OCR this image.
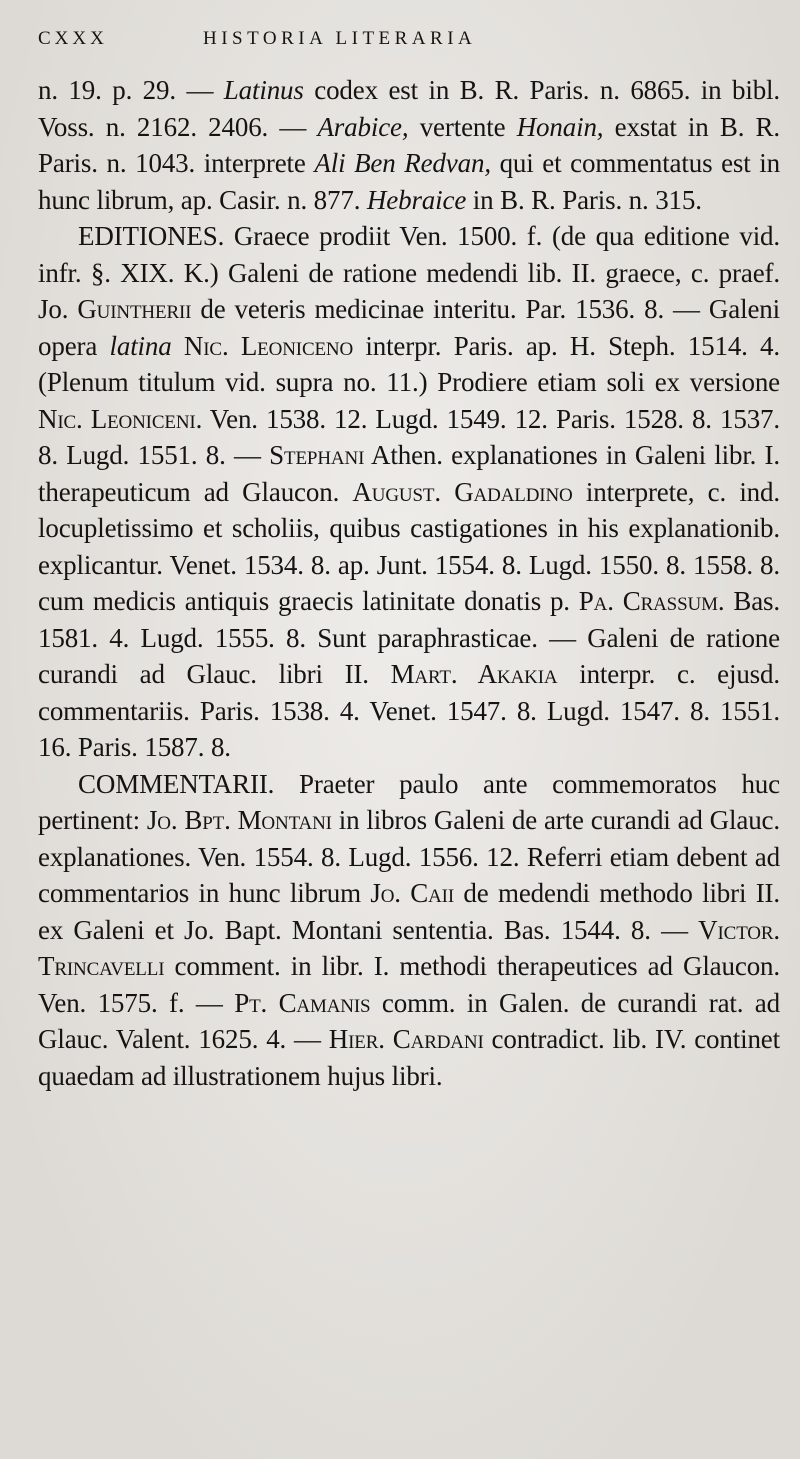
CXXX	HISTORIA LITERARIA

n. 19. p. 29. — Latinus codex est in B. R. Paris. n. 6865. in bibl. Voss. n. 2162. 2406. — Arabice, vertente Honain, exstat in B. R. Paris. n. 1043. interprete Ali Ben Redvan, qui et commentatus est in hunc librum, ap. Casir. n. 877. Hebraice in B. R. Paris. n. 315.

EDITIONES. Graece prodiit Ven. 1500. f. (de qua editione vid. infr. §. XIX. K.) Galeni de ratione medendi lib. II. graece, c. praef. Jo. Guintherii de veteris medicinae interitu. Par. 1536. 8. — Galeni opera latina Nic. Leoniceno interpr. Paris. ap. H. Steph. 1514. 4. (Plenum titulum vid. supra no. 11.) Prodiere etiam soli ex versione Nic. Leoniceni. Ven. 1538. 12. Lugd. 1549. 12. Paris. 1528. 8. 1537. 8. Lugd. 1551. 8. — Stephani Athen. explanationes in Galeni libr. I. therapeuticum ad Glaucon. August. Gadaldino interprete, c. ind. locupletissimo et scholiis, quibus castigationes in his explanationib. explicantur. Venet. 1534. 8. ap. Junt. 1554. 8. Lugd. 1550. 8. 1558. 8. cum medicis antiquis graecis latinitate donatis p. Pa. Crassum. Bas. 1581. 4. Lugd. 1555. 8. Sunt paraphrasticae. — Galeni de ratione curandi ad Glauc. libri II. Mart. Akakia interpr. c. ejusd. commentariis. Paris. 1538. 4. Venet. 1547. 8. Lugd. 1547. 8. 1551. 16. Paris. 1587. 8.

COMMENTARII. Praeter paulo ante commemoratos huc pertinent: Jo. Bpt. Montani in libros Galeni de arte curandi ad Glauc. explanationes. Ven. 1554. 8. Lugd. 1556. 12. Referri etiam debent ad commentarios in hunc librum Jo. Caii de medendi methodo libri II. ex Galeni et Jo. Bapt. Montani sententia. Bas. 1544. 8. — Victor. Trincavelli comment. in libr. I. methodi therapeutices ad Glaucon. Ven. 1575. f. — Pt. Camanis comm. in Galen. de curandi rat. ad Glauc. Valent. 1625. 4. — Hier. Cardani contradict. lib. IV. continet quaedam ad illustrationem hujus libri.
